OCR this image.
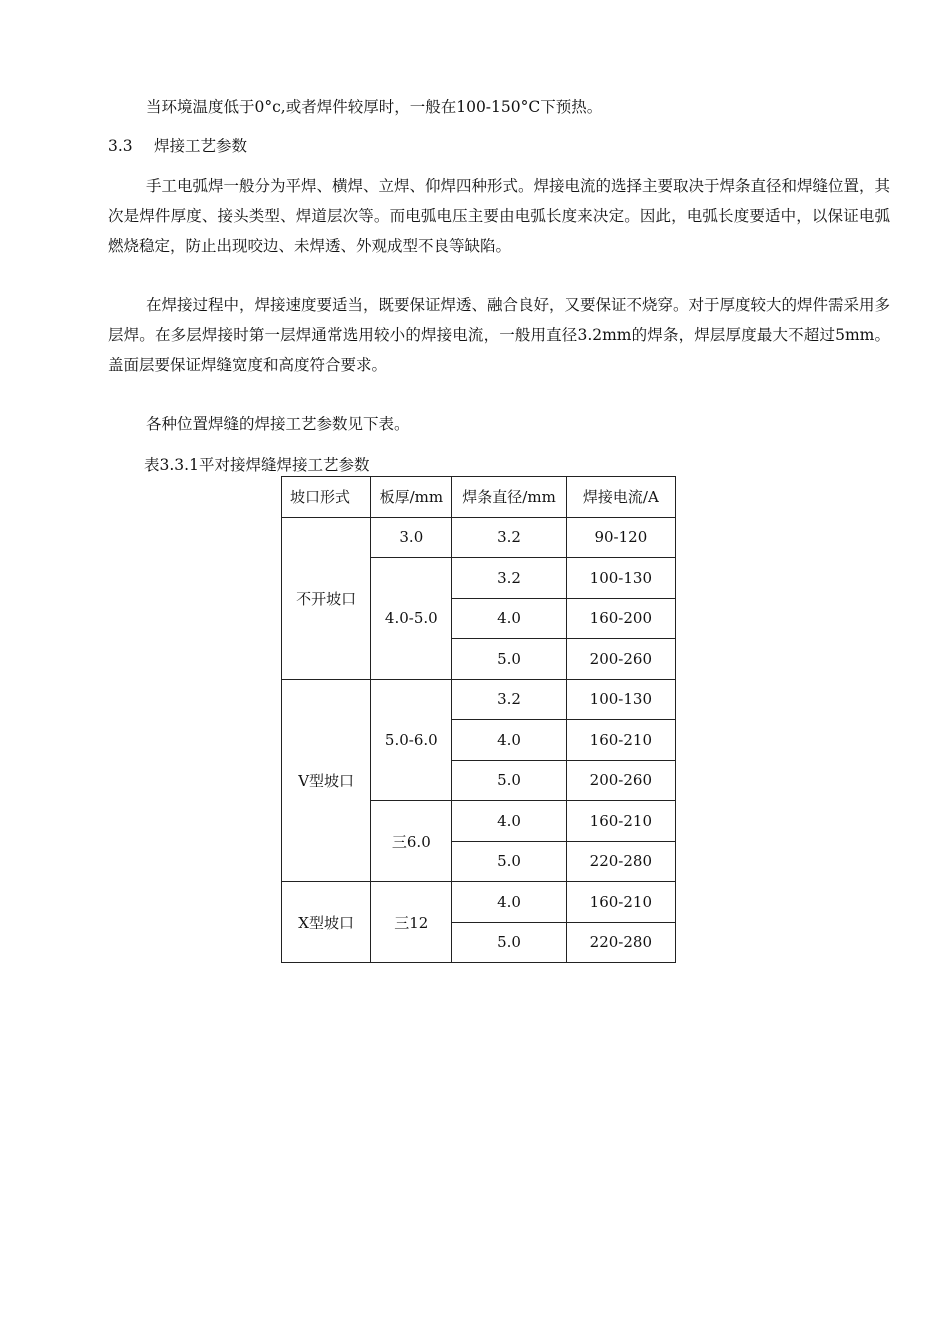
当环境温度低于0°c,或者焊件较厚时，一般在100-150°C下预热。

3.3 焊接工艺参数

手工电弧焊一般分为平焊、横焊、立焊、仰焊四种形式。焊接电流的选择主要取决于焊条直径和焊缝位置，其次是焊件厚度、接头类型、焊道层次等。而电弧电压主要由电弧长度来决定。因此，电弧长度要适中，以保证电弧燃烧稳定，防止出现咬边、未焊透、外观成型不良等缺陷。

在焊接过程中，焊接速度要适当，既要保证焊透、融合良好，又要保证不烧穿。对于厚度较大的焊件需采用多层焊。在多层焊接时第一层焊通常选用较小的焊接电流，一般用直径3.2mm的焊条，焊层厚度最大不超过5mm。盖面层要保证焊缝宽度和高度符合要求。

各种位置焊缝的焊接工艺参数见下表。

表3.3.1平对接焊缝焊接工艺参数

坡口形式	板厚/mm	焊条直径/mm	焊接电流/A
不开坡口	3.0	3.2	90-120
	4.0-5.0	3.2	100-130
		4.0	160-200
		5.0	200-260
V型坡口	5.0-6.0	3.2	100-130
		4.0	160-210
		5.0	200-260
	三6.0	4.0	160-210
		5.0	220-280
X型坡口	三12	4.0	160-210
		5.0	220-280
